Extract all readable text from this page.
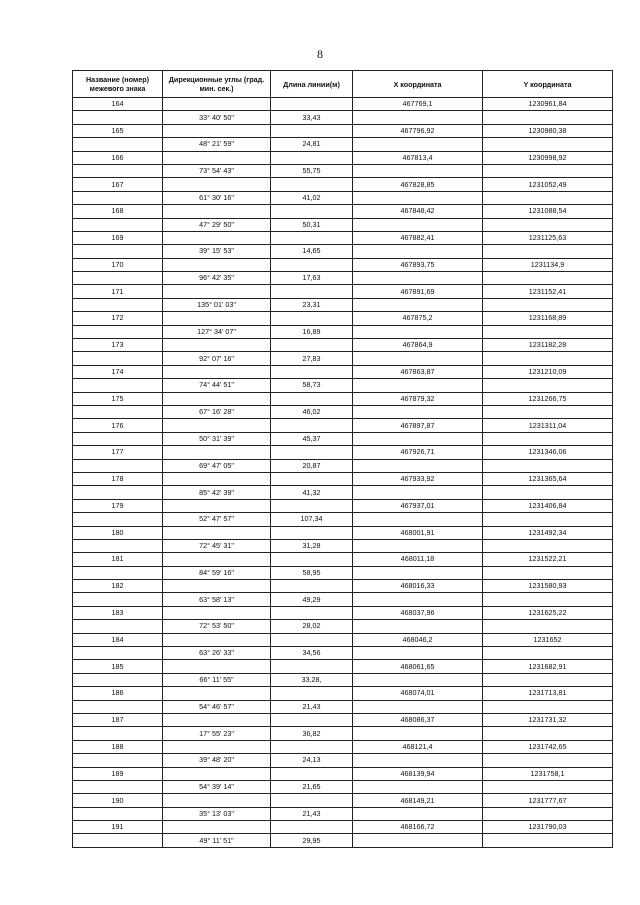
8
Название (номер) межевого знака	Дирекционные углы (град. мин. сек.)	Длина линии(м)	Х координата	Y координата
164			467769,1	1230961,84
	33° 40' 50"	33,43		
165			467796,92	1230980,38
	48° 21' 59"	24,81		
166			467813,4	1230998,92
	73° 54' 43"	55,75		
167			467828,85	1231052,49
	61° 30' 16"	41,02		
168			467848,42	1231088,54
	47° 29' 50"	50,31		
169			467882,41	1231125,63
	39° 15' 53"	14,65		
170			467893,75	1231134,9
	96° 42' 35"	17,63		
171			467891,69	1231152,41
	135° 01' 03"	23,31		
172			467875,2	1231168,89
	127° 34' 07"	16,89		
173			467864,9	1231182,28
	92° 07' 16"	27,83		
174			467863,87	1231210,09
	74° 44' 51"	58,73		
175			467879,32	1231266,75
	67° 16' 28"	46,02		
176			467897,87	1231311,04
	50° 31' 39"	45,37		
177			467926,71	1231346,06
	69° 47' 05"	20,87		
178			467933,92	1231365,64
	85° 42' 39"	41,32		
179			467937,01	1231406,84
	52° 47' 57"	107,34		
180			468001,91	1231492,34
	72° 45' 31"	31,28		
181			468011,18	1231522,21
	84° 59' 16"	58,95		
182			468016,33	1231580,93
	63° 58' 13"	49,29		
183			468037,96	1231625,22
	72° 53' 50"	28,02		
184			468046,2	1231652
	63° 26' 33"	34,56		
185			468061,65	1231682,91
	66° 11' 55"	33,28,		
186			468074,01	1231713,81
	54° 46' 57"	21,43		
187			468086,37	1231731,32
	17° 55' 23"	36,82		
188			468121,4	1231742,65
	39° 48' 20"	24,13		
189			468139,94	1231758,1
	54° 39' 14"	21,65		
190			468149,21	1231777,67
	35° 13' 03"	21,43		
191			468166,72	1231790,03
	49° 11' 51"	29,95		
